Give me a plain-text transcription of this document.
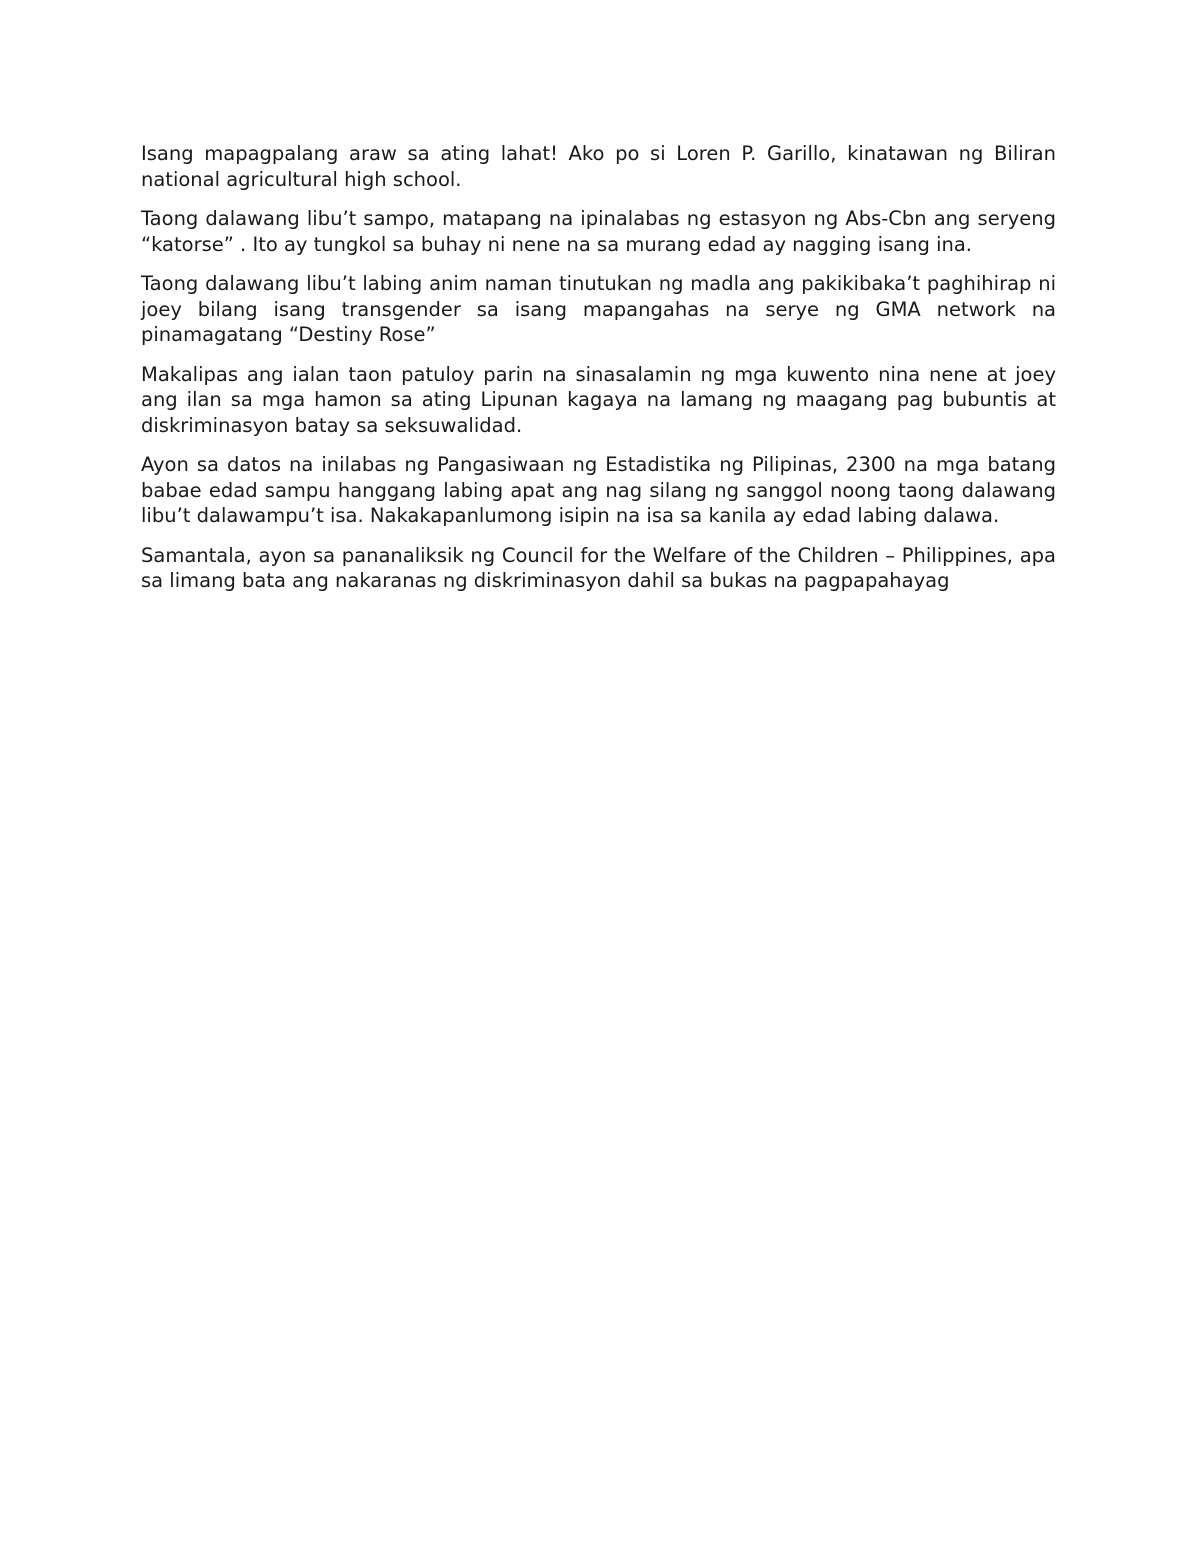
Isang mapagpalang araw sa ating lahat! Ako po si Loren P. Garillo, kinatawan ng Biliran national agricultural high school.

Taong dalawang libu’t sampo, matapang na ipinalabas ng estasyon ng Abs-Cbn ang seryeng “katorse” . Ito ay tungkol sa buhay ni nene na sa murang edad ay nagging isang ina.

Taong dalawang libu’t labing anim naman tinutukan ng madla ang pakikibaka’t paghihirap ni joey bilang isang transgender sa isang mapangahas na serye ng GMA network na pinamagatang “Destiny Rose”

Makalipas ang ialan taon patuloy parin na sinasalamin ng mga kuwento nina nene at joey ang ilan sa mga hamon sa ating Lipunan kagaya na lamang ng maagang pag bubuntis at diskriminasyon batay sa seksuwalidad.

Ayon sa datos na inilabas ng Pangasiwaan ng Estadistika ng Pilipinas, 2300 na mga batang babae edad sampu hanggang labing apat ang nag silang ng sanggol noong taong dalawang libu’t dalawampu’t isa. Nakakapanlumong isipin na isa sa kanila ay edad labing dalawa.

Samantala, ayon sa pananaliksik ng Council for the Welfare of the Children – Philippines, apa sa limang bata ang nakaranas ng diskriminasyon dahil sa bukas na pagpapahayag
